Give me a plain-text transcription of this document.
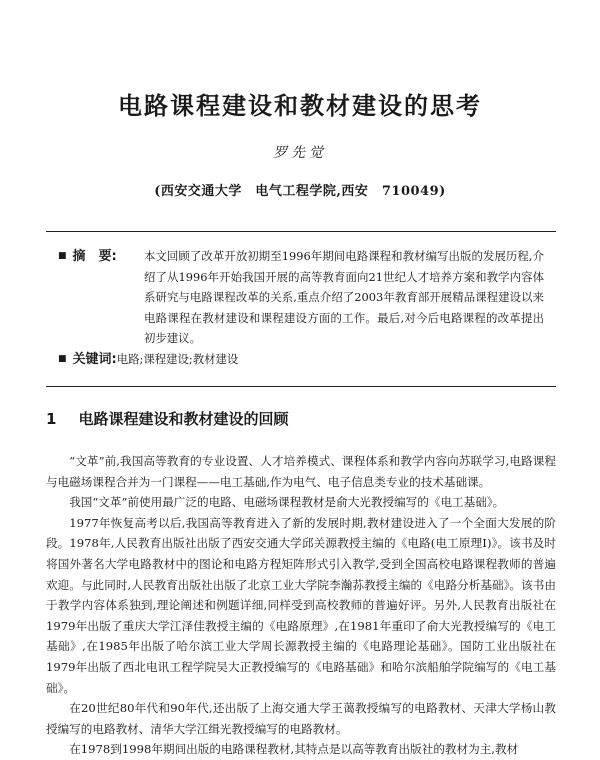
电路课程建设和教材建设的思考
罗先觉
(西安交通大学　电气工程学院,西安　710049)
■ 摘　要:	本文回顾了改革开放初期至1996年期间电路课程和教材编写出版的发展历程,介绍了从1996年开始我国开展的高等教育面向21世纪人才培养方案和教学内容体系研究与电路课程改革的关系,重点介绍了2003年教育部开展精品课程建设以来电路课程在教材建设和课程建设方面的工作。最后,对今后电路课程的改革提出初步建议。
■ 关键词:电路;课程建设;教材建设
1 电路课程建设和教材建设的回顾

“文革”前,我国高等教育的专业设置、人才培养模式、课程体系和教学内容向苏联学习,电路课程与电磁场课程合并为一门课程——电工基础,作为电气、电子信息类专业的技术基础课。

我国“文革”前使用最广泛的电路、电磁场课程教材是俞大光教授编写的《电工基础》。

1977年恢复高考以后,我国高等教育进入了新的发展时期,教材建设进入了一个全面大发展的阶段。1978年,人民教育出版社出版了西安交通大学邱关源教授主编的《电路(电工原理Ⅰ)》。该书及时将国外著名大学电路教材中的图论和电路方程矩阵形式引入教学,受到全国高校电路课程教师的普遍欢迎。与此同时,人民教育出版社出版了北京工业大学院李瀚荪教授主编的《电路分析基础》。该书由于教学内容体系独到,理论阐述和例题详细,同样受到高校教师的普遍好评。另外,人民教育出版社在1979年出版了重庆大学江泽佳教授主编的《电路原理》,在1981年重印了俞大光教授编写的《电工基础》,在1985年出版了哈尔滨工业大学周长源教授主编的《电路理论基础》。国防工业出版社在1979年出版了西北电讯工程学院吴大正教授编写的《电路基础》和哈尔滨船舶学院编写的《电工基础》。

在20世纪80年代和90年代,还出版了上海交通大学王蔼教授编写的电路教材、天津大学杨山教授编写的电路教材、清华大学江缉光教授编写的电路教材。

在1978到1998年期间出版的电路课程教材,其特点是以高等教育出版社的教材为主,教材
